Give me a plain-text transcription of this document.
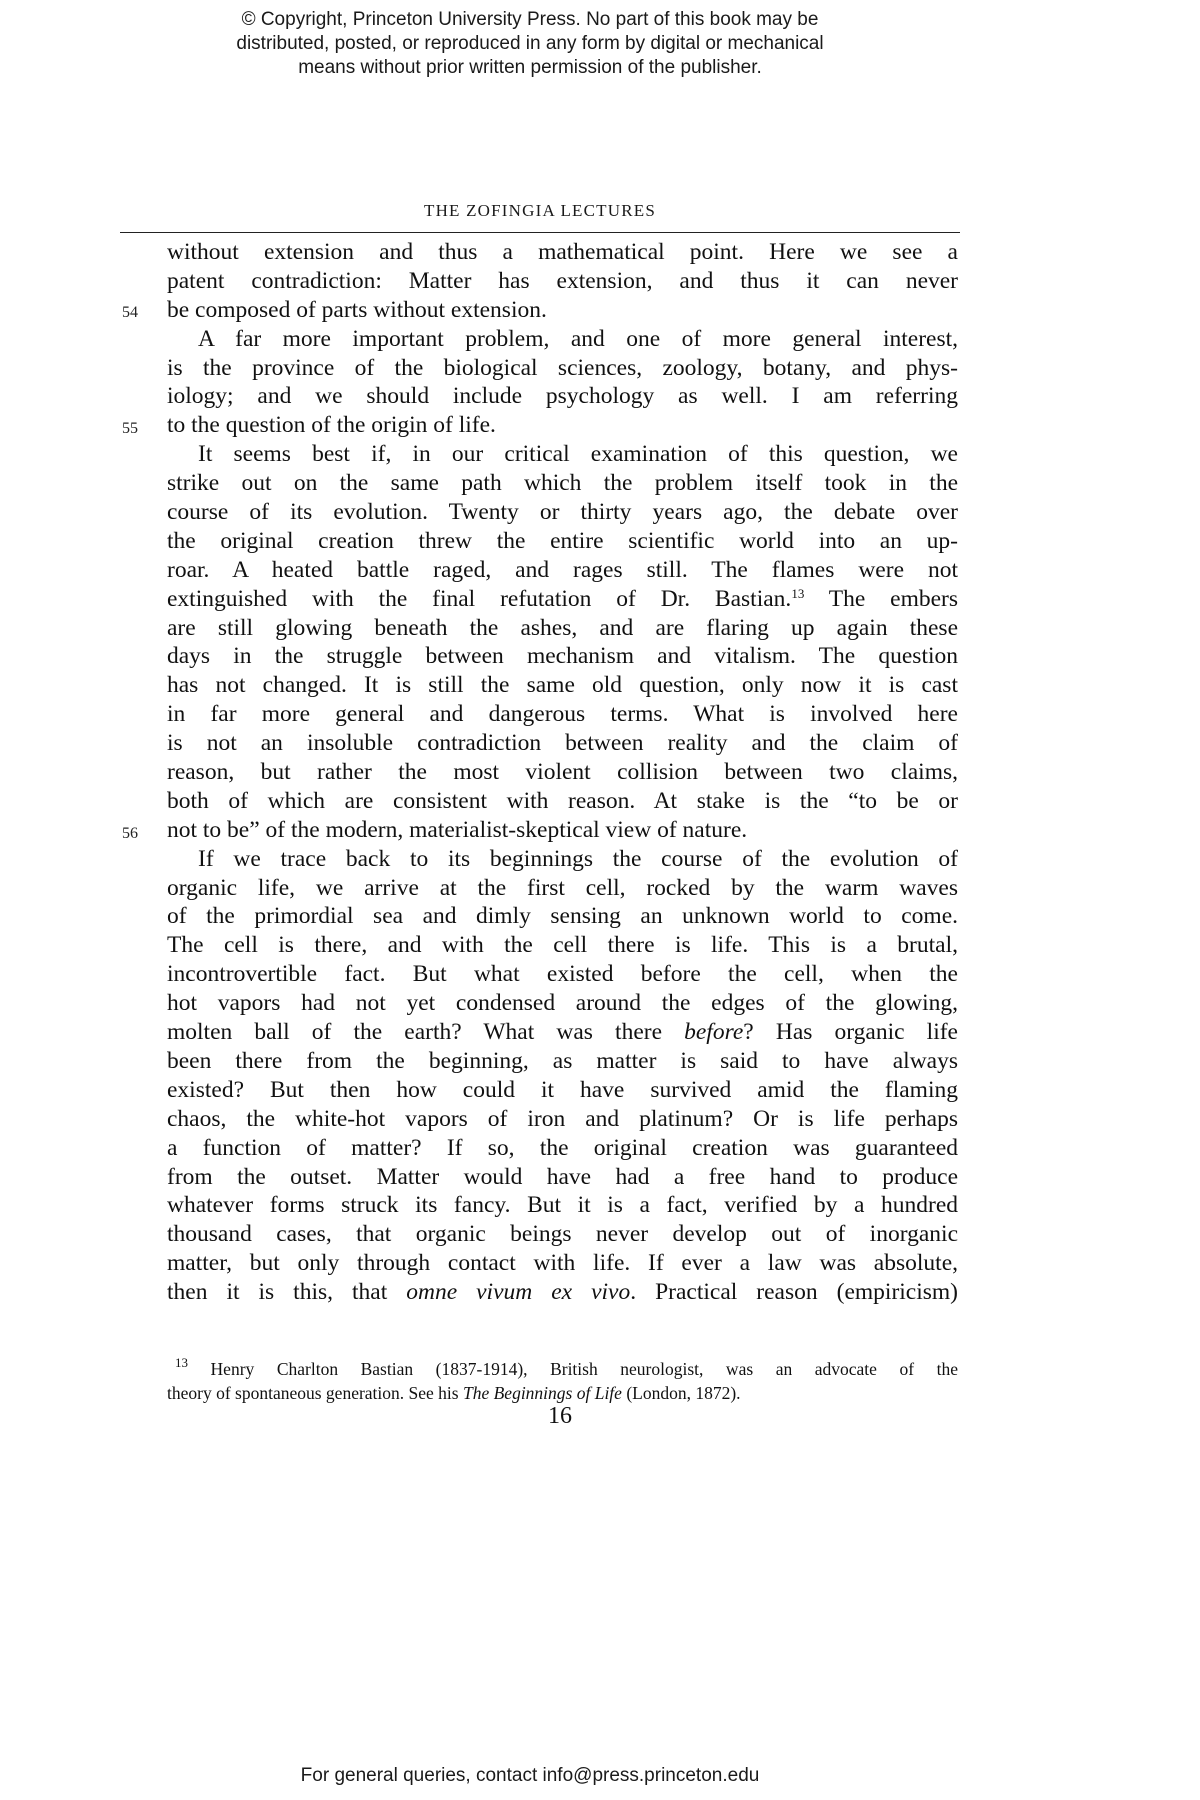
© Copyright, Princeton University Press. No part of this book may be
distributed, posted, or reproduced in any form by digital or mechanical
means without prior written permission of the publisher.
THE ZOFINGIA LECTURES
54
55
56
without extension and thus a mathematical point. Here we see a
patent contradiction: Matter has extension, and thus it can never
be composed of parts without extension.
A far more important problem, and one of more general interest,
is the province of the biological sciences, zoology, botany, and phys-
iology; and we should include psychology as well. I am referring
to the question of the origin of life.
It seems best if, in our critical examination of this question, we
strike out on the same path which the problem itself took in the
course of its evolution. Twenty or thirty years ago, the debate over
the original creation threw the entire scientific world into an up-
roar. A heated battle raged, and rages still. The flames were not
extinguished with the final refutation of Dr. Bastian.$^{13}$ The embers
are still glowing beneath the ashes, and are flaring up again these
days in the struggle between mechanism and vitalism. The question
has not changed. It is still the same old question, only now it is cast
in far more general and dangerous terms. What is involved here
is not an insoluble contradiction between reality and the claim of
reason, but rather the most violent collision between two claims,
both of which are consistent with reason. At stake is the “to be or
not to be” of the modern, materialist-skeptical view of nature.
If we trace back to its beginnings the course of the evolution of
organic life, we arrive at the first cell, rocked by the warm waves
of the primordial sea and dimly sensing an unknown world to come.
The cell is there, and with the cell there is life. This is a brutal,
incontrovertible fact. But what existed before the cell, when the
hot vapors had not yet condensed around the edges of the glowing,
molten ball of the earth? What was there before? Has organic life
been there from the beginning, as matter is said to have always
existed? But then how could it have survived amid the flaming
chaos, the white-hot vapors of iron and platinum? Or is life perhaps
a function of matter? If so, the original creation was guaranteed
from the outset. Matter would have had a free hand to produce
whatever forms struck its fancy. But it is a fact, verified by a hundred
thousand cases, that organic beings never develop out of inorganic
matter, but only through contact with life. If ever a law was absolute,
then it is this, that omne vivum ex vivo. Practical reason (empiricism)
$^{13}$ Henry Charlton Bastian (1837-1914), British neurologist, was an advocate of the
theory of spontaneous generation. See his The Beginnings of Life (London, 1872).
16
For general queries, contact info@press.princeton.edu
